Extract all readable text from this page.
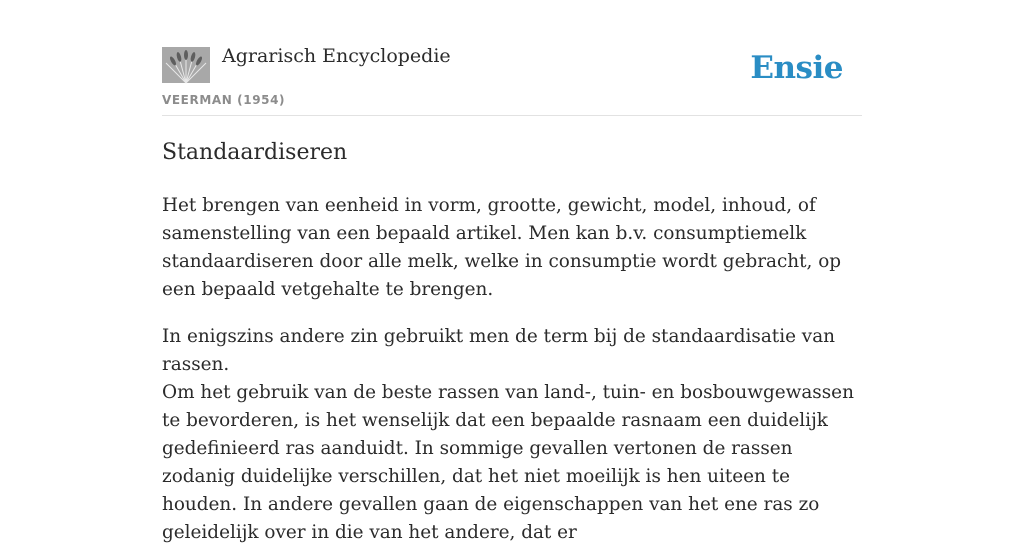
Agrarisch Encyclopedie
VEERMAN (1954)
Ensie
Standaardiseren

Het brengen van eenheid in vorm, grootte, gewicht, model, inhoud, of samenstelling van een bepaald artikel. Men kan b.v. consumptiemelk standaardiseren door alle melk, welke in consumptie wordt gebracht, op een bepaald vetgehalte te brengen.

In enigszins andere zin gebruikt men de term bij de standaardisatie van rassen.

Om het gebruik van de beste rassen van land-, tuin- en bosbouwgewassen te bevorderen, is het wenselijk dat een bepaalde rasnaam een duidelijk gedefinieerd ras aanduidt. In sommige gevallen vertonen de rassen zodanig duidelijke verschillen, dat het niet moeilijk is hen uiteen te houden. In andere gevallen gaan de eigenschappen van het ene ras zo geleidelijk over in die van het andere, dat er
